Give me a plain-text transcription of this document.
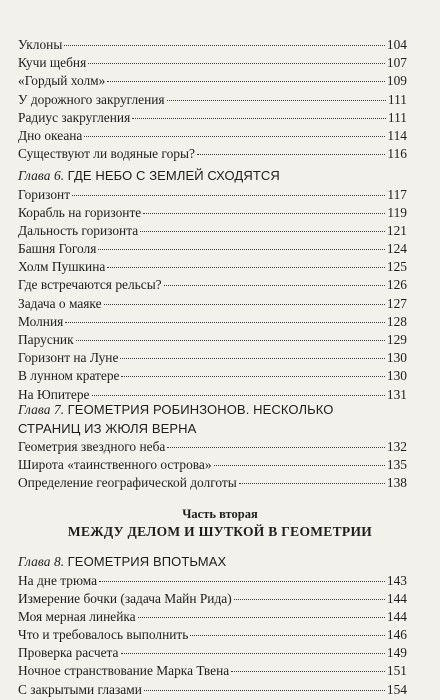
Уклоны	104
Кучи щебня	107
«Гордый холм»	109
У дорожного закругления	111
Радиус закругления	111
Дно океана	114
Существуют ли водяные горы?	116
Глава 6. ГДЕ НЕБО С ЗЕМЛЕЙ СХОДЯТСЯ
Горизонт	117
Корабль на горизонте	119
Дальность горизонта	121
Башня Гоголя	124
Холм Пушкина	125
Где встречаются рельсы?	126
Задача о маяке	127
Молния	128
Парусник	129
Горизонт на Луне	130
В лунном кратере	130
На Юпитере	131
Глава 7. ГЕОМЕТРИЯ РОБИНЗОНОВ. НЕСКОЛЬКО
СТРАНИЦ ИЗ ЖЮЛЯ ВЕРНА
Геометрия звездного неба	132
Широта «таинственного острова»	135
Определение географической долготы	138
Часть вторая
МЕЖДУ ДЕЛОМ И ШУТКОЙ В ГЕОМЕТРИИ
Глава 8. ГЕОМЕТРИЯ ВПОТЬМАХ
На дне трюма	143
Измерение бочки (задача Майн Рида)	144
Моя мерная линейка	144
Что и требовалось выполнить	146
Проверка расчета	149
Ночное странствование Марка Твена	151
С закрытыми глазами	154
